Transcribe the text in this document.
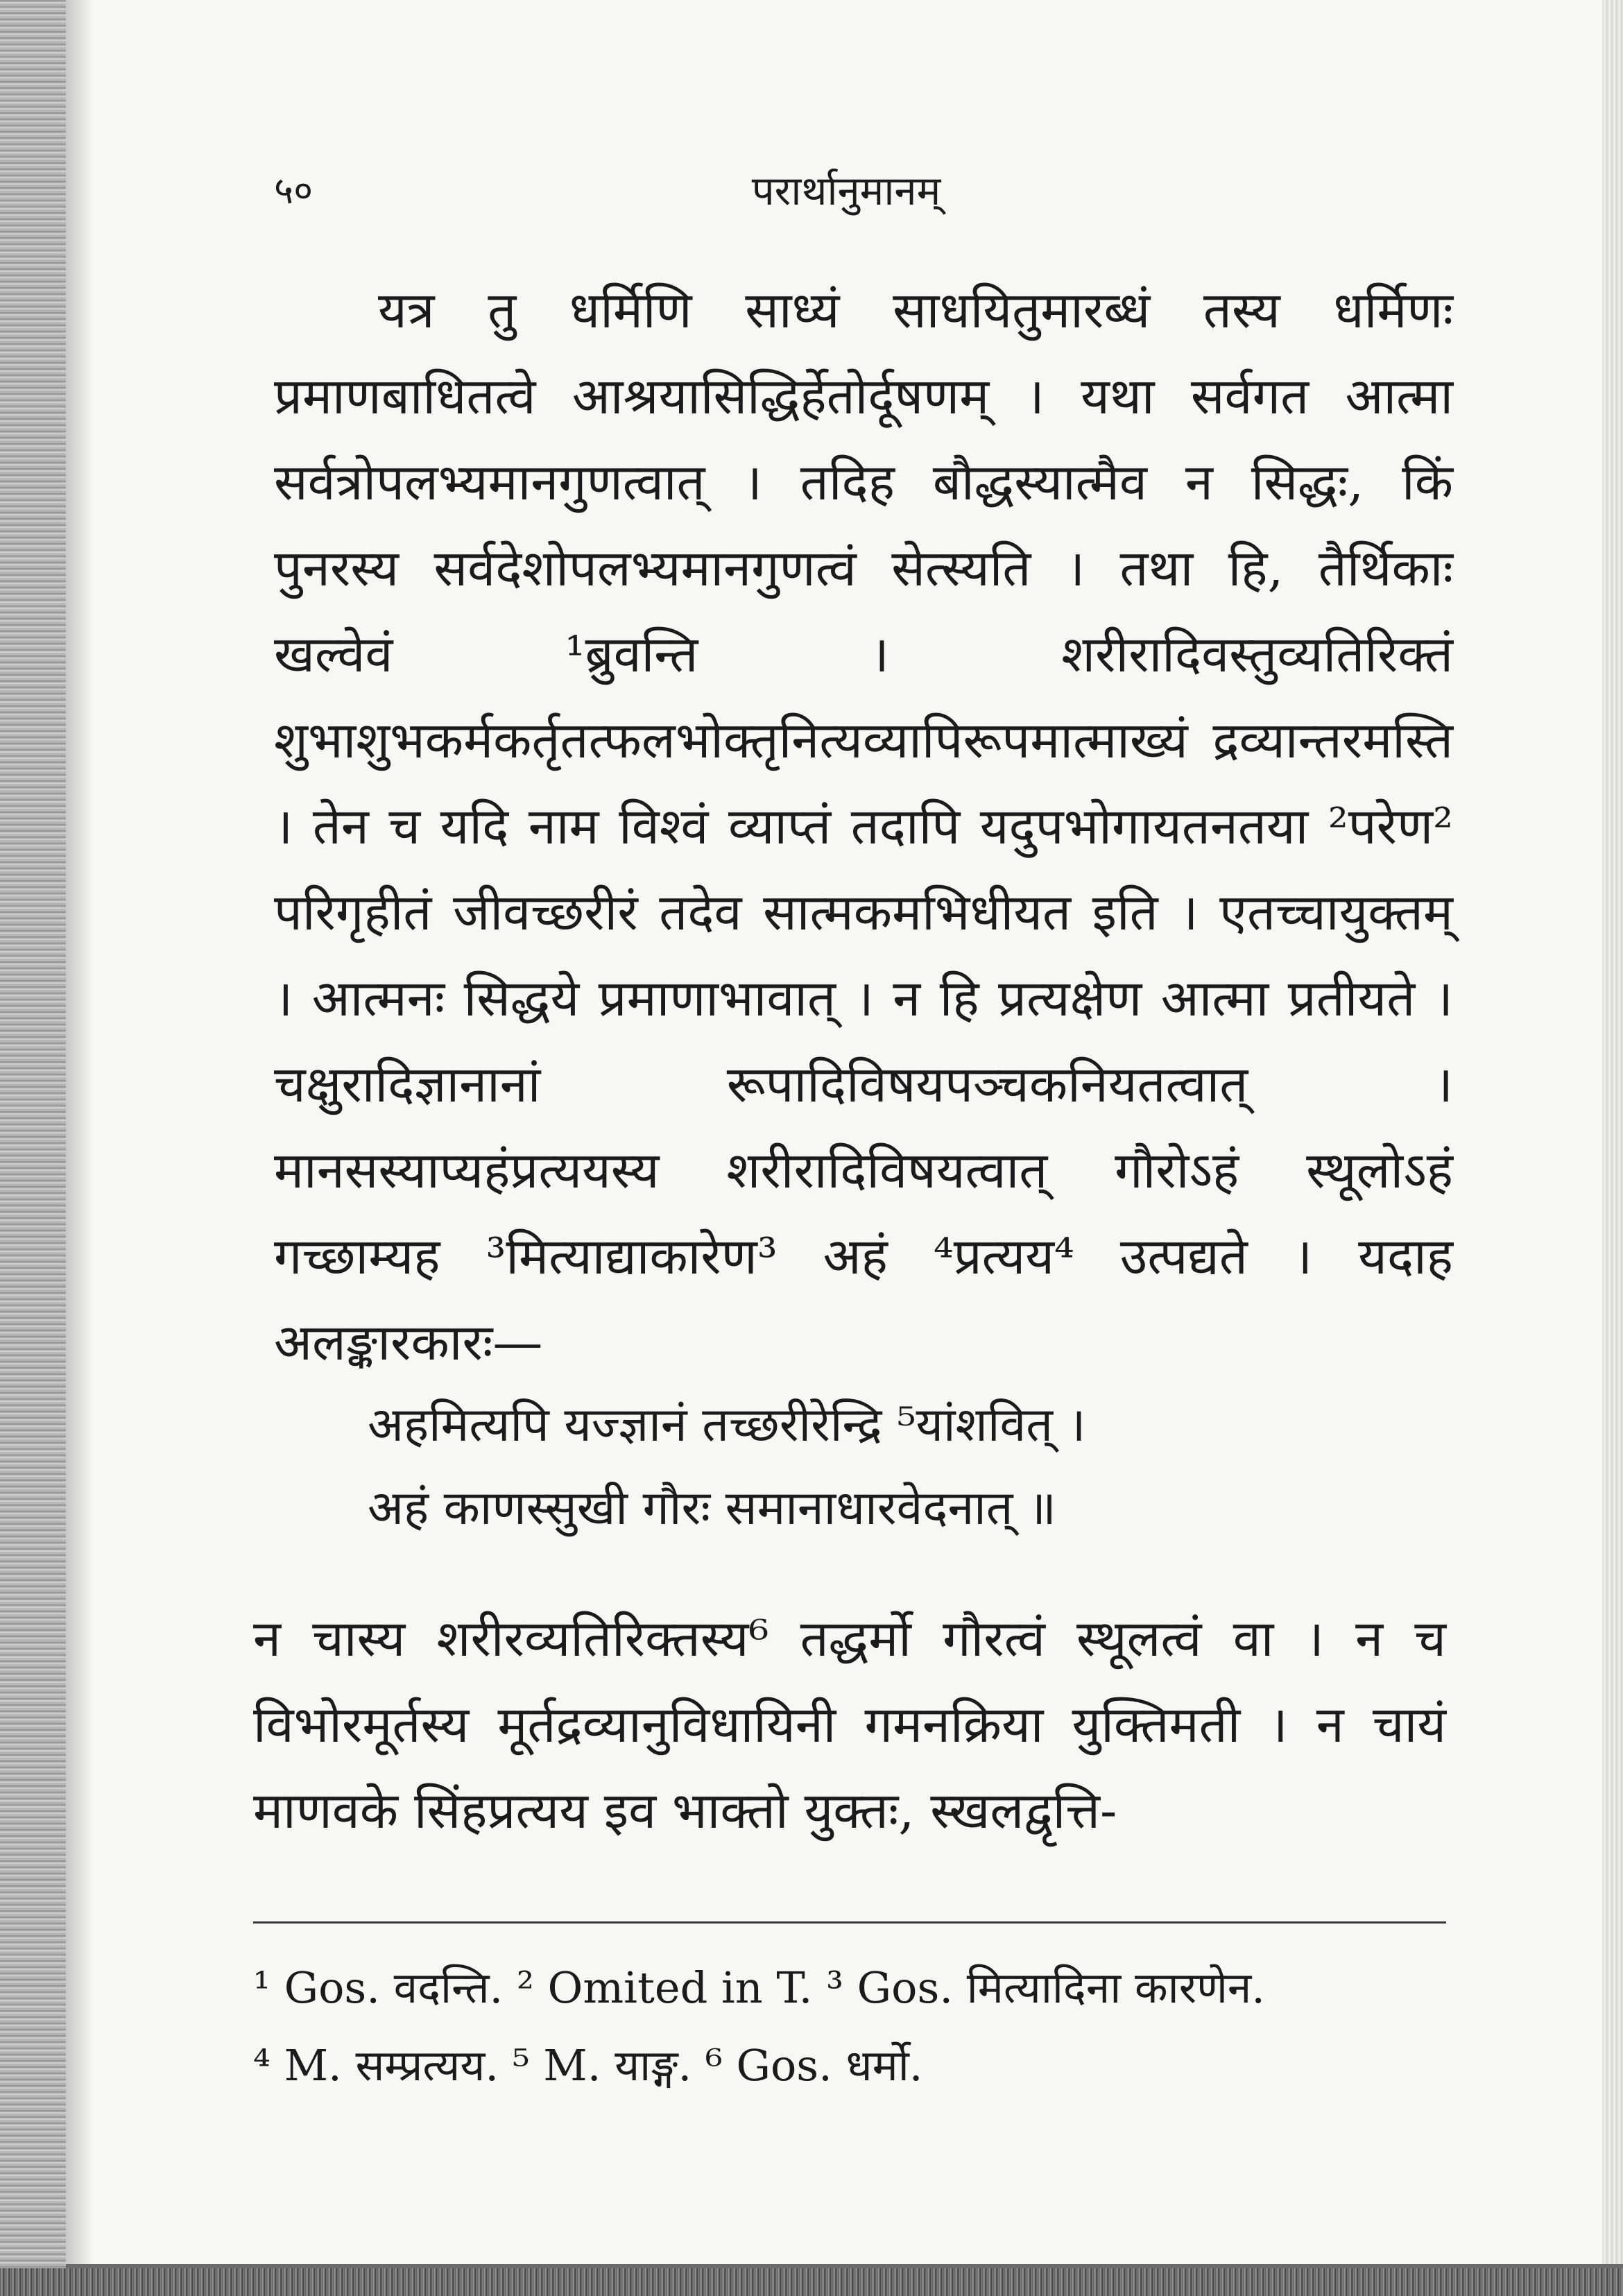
५०	परार्थानुमानम्

यत्र तु धर्मिणि साध्यं साधयितुमारब्धं तस्य धर्मिणः प्रमाणबाधितत्वे आश्रयासिद्धिर्हेतोर्दूषणम् । यथा सर्वगत आत्मा सर्वत्रोपलभ्यमानगुणत्वात् । तदिह बौद्धस्यात्मैव न सिद्धः, किं पुनरस्य सर्वदेशोपलभ्यमानगुणत्वं सेत्स्यति । तथा हि, तैर्थिकाः खल्वेवं ¹ब्रुवन्ति । शरीरादिवस्तुव्यतिरिक्तं शुभाशुभकर्मकर्तृतत्फलभोक्तृनित्यव्यापिरूपमात्माख्यं द्रव्यान्तरमस्ति । तेन च यदि नाम विश्वं व्याप्तं तदापि यदुपभोगायतनतया ²परेण² परिगृहीतं जीवच्छरीरं तदेव सात्मकमभिधीयत इति । एतच्चायुक्तम् । आत्मनः सिद्धये प्रमाणाभावात् । न हि प्रत्यक्षेण आत्मा प्रतीयते । चक्षुरादिज्ञानानां रूपादिविषयपञ्चकनियतत्वात् । मानसस्याप्यहंप्रत्ययस्य शरीरादिविषयत्वात् गौरोऽहं स्थूलोऽहं गच्छाम्यह ³मित्याद्याकारेण³ अहं ⁴प्रत्यय⁴ उत्पद्यते । यदाह अलङ्कारकारः—

अहमित्यपि यज्ज्ञानं तच्छरीरेन्द्रि ⁵यांशवित् ।
अहं काणस्सुखी गौरः समानाधारवेदनात् ॥

न चास्य शरीरव्यतिरिक्तस्य⁶ तद्धर्मो गौरत्वं स्थूलत्वं वा । न च विभोरमूर्तस्य मूर्तद्रव्यानुविधायिनी गमनक्रिया युक्तिमती । न चायं माणवके सिंहप्रत्यय इव भाक्तो युक्तः, स्खलद्वृत्ति-

¹ Gos. वदन्ति. ² Omited in T. ³ Gos. मित्यादिना कारणेन.
⁴ M. सम्प्रत्यय. ⁵ M. याङ्ग. ⁶ Gos. धर्मो.
